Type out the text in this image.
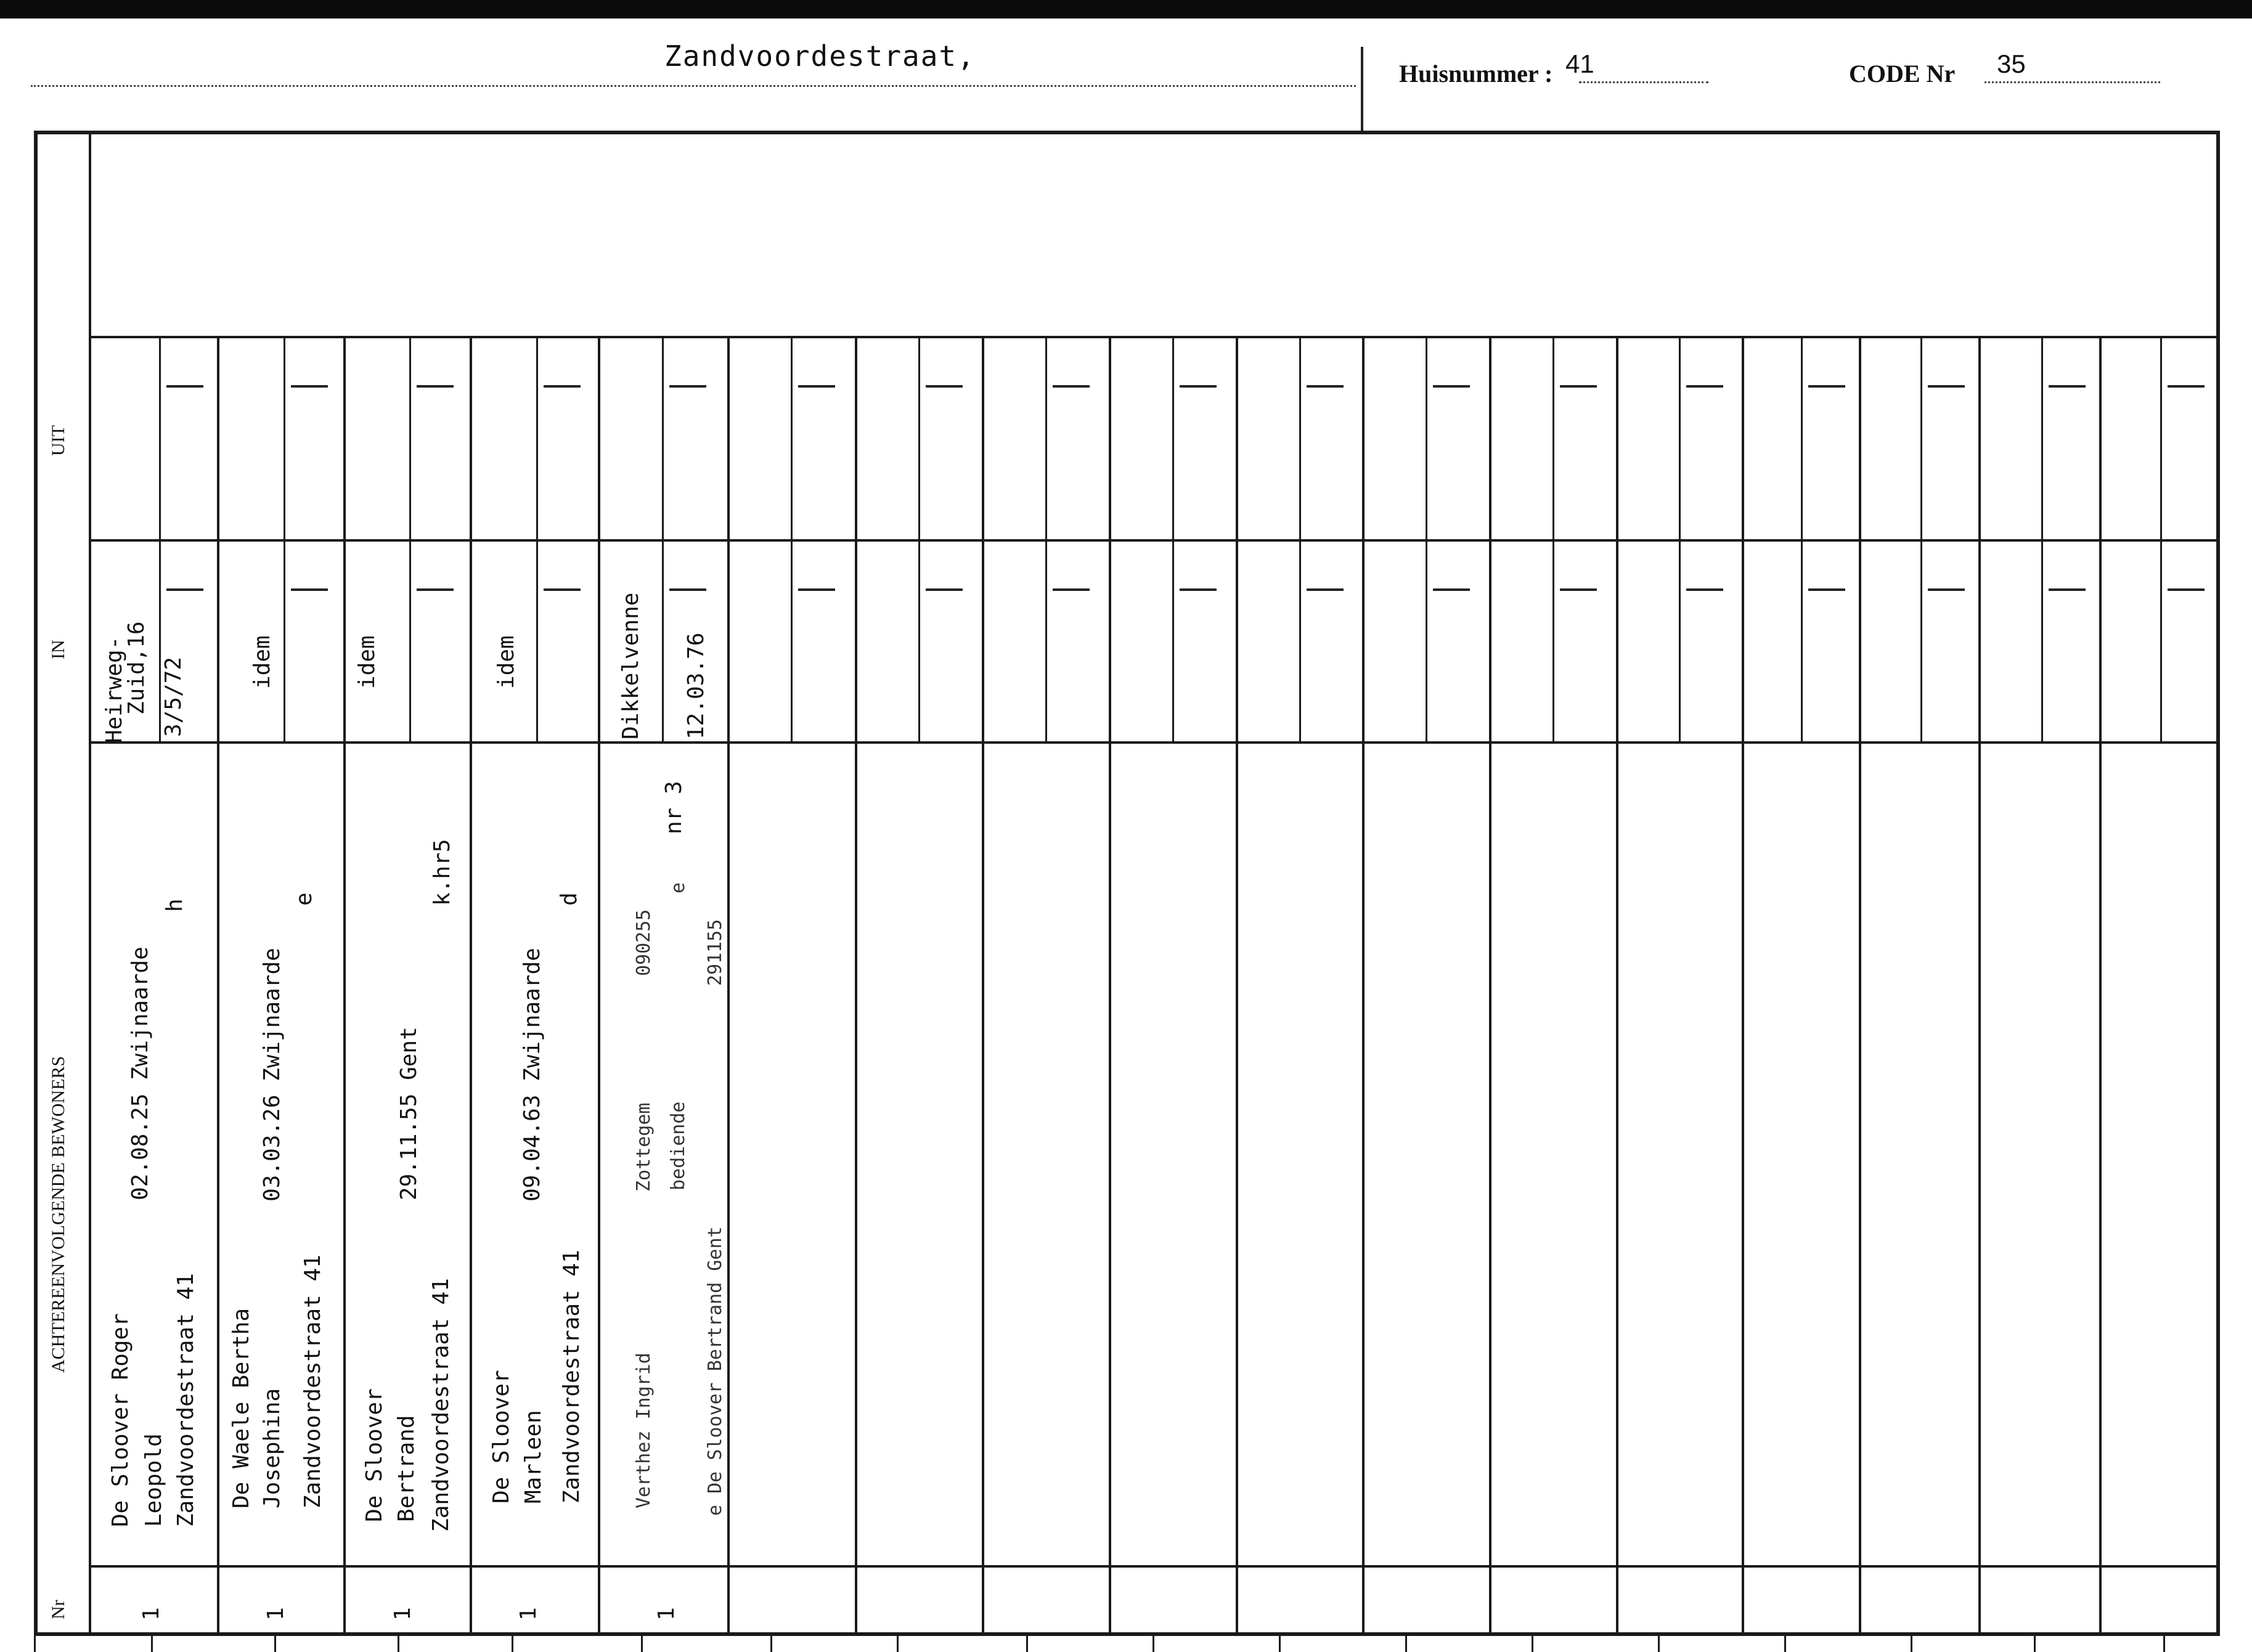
Zandvoordestraat,
Huisnummer : 41	CODE Nr 35
Nr
ACHTEREENVOLGENDE BEWONERS
IN
UIT
1
De Sloover Roger Leopold Zandvoordestraat 41
02.08.25 Zwijnaarde
h
Heirweg-
Zuid,16 3/5/72
1
De Waele Bertha Josephina Zandvoordestraat 41
03.03.26 Zwijnaarde
e
idem
1
De Sloover Bertrand Zandvoordestraat 41
29.11.55 Gent
k.hr5
idem
1
De Sloover Marleen Zandvoordestraat 41
09.04.63 Zwijnaarde
d
idem
1
Verthez Ingrid
Zottegem
090255
nr 3
bediende
e
e De Sloover Bertrand Gent
291155
Dikkelvenne 12.03.76
